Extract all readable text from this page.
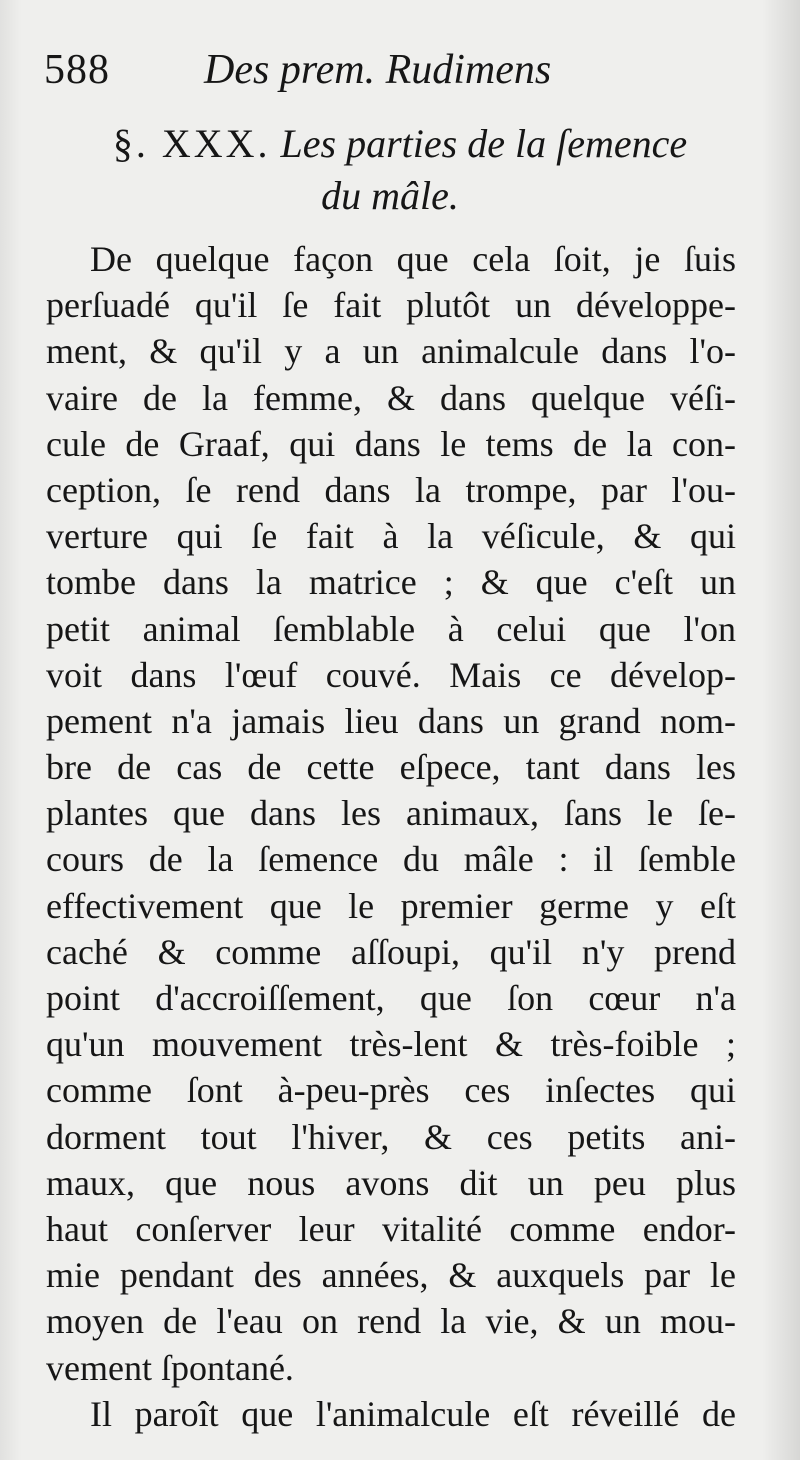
588 Des prem. Rudimens
§. XXX. Les parties de la ſemence
du mâle.
De quelque façon que cela ſoit, je ſuis
perſuadé qu'il ſe fait plutôt un développe-
ment, & qu'il y a un animalcule dans l'o-
vaire de la femme, & dans quelque véſi-
cule de Graaf, qui dans le tems de la con-
ception, ſe rend dans la trompe, par l'ou-
verture qui ſe fait à la véſicule, & qui
tombe dans la matrice ; & que c'eſt un
petit animal ſemblable à celui que l'on
voit dans l'œuf couvé. Mais ce dévelop-
pement n'a jamais lieu dans un grand nom-
bre de cas de cette eſpece, tant dans les
plantes que dans les animaux, ſans le ſe-
cours de la ſemence du mâle : il ſemble
effectivement que le premier germe y eſt
caché & comme aſſoupi, qu'il n'y prend
point d'accroiſſement, que ſon cœur n'a
qu'un mouvement très-lent & très-foible ;
comme ſont à-peu-près ces inſectes qui
dorment tout l'hiver, & ces petits ani-
maux, que nous avons dit un peu plus
haut conſerver leur vitalité comme endor-
mie pendant des années, & auxquels par le
moyen de l'eau on rend la vie, & un mou-
vement ſpontané.
Il paroît que l'animalcule eſt réveillé de
